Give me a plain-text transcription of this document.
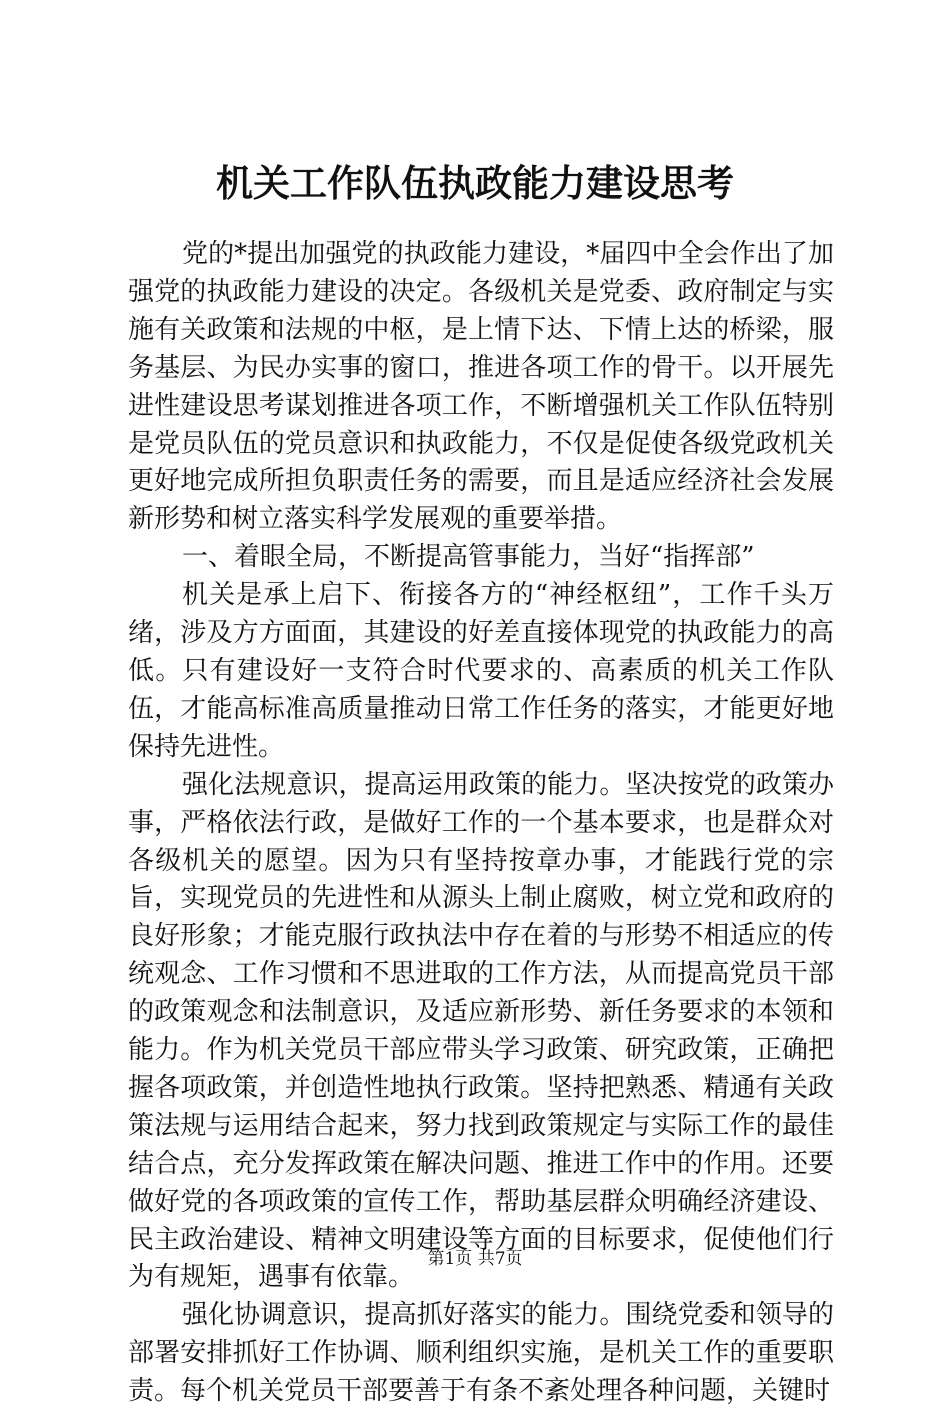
机关工作队伍执政能力建设思考

党的*提出加强党的执政能力建设，*届四中全会作出了加强党的执政能力建设的决定。各级机关是党委、政府制定与实施有关政策和法规的中枢，是上情下达、下情上达的桥梁，服务基层、为民办实事的窗口，推进各项工作的骨干。以开展先进性建设思考谋划推进各项工作，不断增强机关工作队伍特别是党员队伍的党员意识和执政能力，不仅是促使各级党政机关更好地完成所担负职责任务的需要，而且是适应经济社会发展新形势和树立落实科学发展观的重要举措。

一、着眼全局，不断提高管事能力，当好“指挥部”

机关是承上启下、衔接各方的“神经枢纽”，工作千头万绪，涉及方方面面，其建设的好差直接体现党的执政能力的高低。只有建设好一支符合时代要求的、高素质的机关工作队伍，才能高标准高质量推动日常工作任务的落实，才能更好地保持先进性。

强化法规意识，提高运用政策的能力。坚决按党的政策办事，严格依法行政，是做好工作的一个基本要求，也是群众对各级机关的愿望。因为只有坚持按章办事，才能践行党的宗旨，实现党员的先进性和从源头上制止腐败，树立党和政府的良好形象；才能克服行政执法中存在着的与形势不相适应的传统观念、工作习惯和不思进取的工作方法，从而提高党员干部的政策观念和法制意识，及适应新形势、新任务要求的本领和能力。作为机关党员干部应带头学习政策、研究政策，正确把握各项政策，并创造性地执行政策。坚持把熟悉、精通有关政策法规与运用结合起来，努力找到政策规定与实际工作的最佳结合点，充分发挥政策在解决问题、推进工作中的作用。还要做好党的各项政策的宣传工作，帮助基层群众明确经济建设、民主政治建设、精神文明建设等方面的目标要求，促使他们行为有规矩，遇事有依靠。

强化协调意识，提高抓好落实的能力。围绕党委和领导的部署安排抓好工作协调、顺利组织实施，是机关工作的重要职责。每个机关党员干部要善于有条不紊处理各种问题，关键时

第1页 共7页
